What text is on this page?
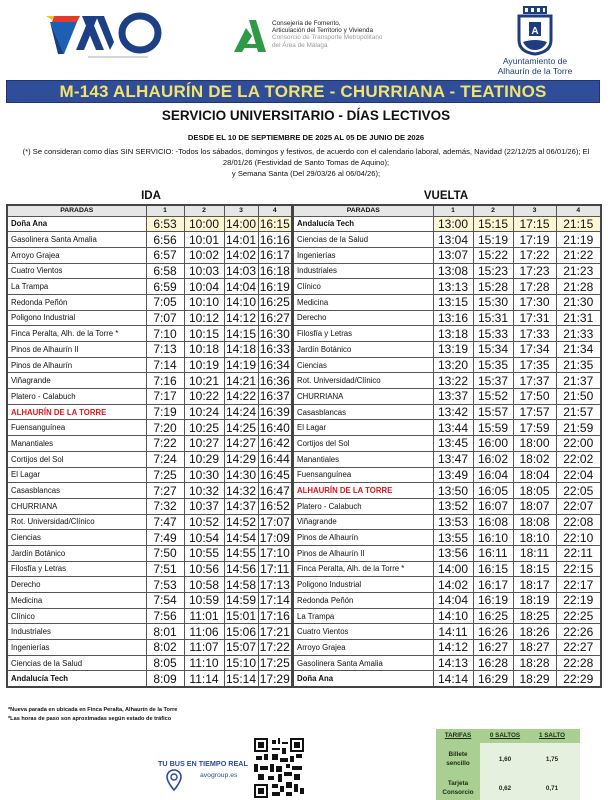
Consejería de Fomento,
Articulación del Territorio y Vivienda
Consorcio de Transporte Metropolitano
del Área de Málaga
A
Ayuntamiento de
Alhaurín de la Torre
M-143 ALHAURÍN DE LA TORRE - CHURRIANA - TEATINOS
SERVICIO UNIVERSITARIO - DÍAS LECTIVOS
DESDE EL 10 DE SEPTIEMBRE DE 2025 AL 05 DE JUNIO DE 2026
(*) Se consideran como días SIN SERVICIO: -Todos los sábados, domingos y festivos, de acuerdo con el calendario laboral, además, Navidad (22/12/25 al 06/01/26); El
28/01/26 (Festividad de Santo Tomas de Aquino);
y Semana Santa (Del 29/03/26 al 06/04/26);
IDA
PARADAS	1	2	3	4
Doña Ana	6:53	10:00	14:00	16:15
Gasolinera Santa Amalia	6:56	10:01	14:01	16:16
Arroyo Grajea	6:57	10:02	14:02	16:17
Cuatro Vientos	6:58	10:03	14:03	16:18
La Trampa	6:59	10:04	14:04	16:19
Redonda Peñón	7:05	10:10	14:10	16:25
Poligono Industrial	7:07	10:12	14:12	16:27
Finca Peralta, Alh. de la Torre *	7:10	10:15	14:15	16:30
Pinos de Alhaurín II	7:13	10:18	14:18	16:33
Pinos de Alhaurín	7:14	10:19	14:19	16:34
Viñagrande	7:16	10:21	14:21	16:36
Platero - Calabuch	7:17	10:22	14:22	16:37
ALHAURÍN DE LA TORRE	7:19	10:24	14:24	16:39
Fuensanguínea	7:20	10:25	14:25	16:40
Manantiales	7:22	10:27	14:27	16:42
Cortijos del Sol	7:24	10:29	14:29	16:44
El Lagar	7:25	10:30	14:30	16:45
Casasblancas	7:27	10:32	14:32	16:47
CHURRIANA	7:32	10:37	14:37	16:52
Rot. Universidad/Clínico	7:47	10:52	14:52	17:07
Ciencias	7:49	10:54	14:54	17:09
Jardín Botánico	7:50	10:55	14:55	17:10
Filosfía y Letras	7:51	10:56	14:56	17:11
Derecho	7:53	10:58	14:58	17:13
Medicina	7:54	10:59	14:59	17:14
Clínico	7:56	11:01	15:01	17:16
Industriales	8:01	11:06	15:06	17:21
Ingenierías	8:02	11:07	15:07	17:22
Ciencias de la Salud	8:05	11:10	15:10	17:25
Andalucía Tech	8:09	11:14	15:14	17:29
VUELTA
PARADAS	1	2	3	4
Andalucía Tech	13:00	15:15	17:15	21:15
Ciencias de la Salud	13:04	15:19	17:19	21:19
Ingenierías	13:07	15:22	17:22	21:22
Industriales	13:08	15:23	17:23	21:23
Clínico	13:13	15:28	17:28	21:28
Medicina	13:15	15:30	17:30	21:30
Derecho	13:16	15:31	17:31	21:31
Filosfía y Letras	13:18	15:33	17:33	21:33
Jardín Botánico	13:19	15:34	17:34	21:34
Ciencias	13:20	15:35	17:35	21:35
Rot. Universidad/Clínico	13:22	15:37	17:37	21:37
CHURRIANA	13:37	15:52	17:50	21:50
Casasblancas	13:42	15:57	17:57	21:57
El Lagar	13:44	15:59	17:59	21:59
Cortijos del Sol	13:45	16:00	18:00	22:00
Manantiales	13:47	16:02	18:02	22:02
Fuensanguínea	13:49	16:04	18:04	22:04
ALHAURÍN DE LA TORRE	13:50	16:05	18:05	22:05
Platero - Calabuch	13:52	16:07	18:07	22:07
Viñagrande	13:53	16:08	18:08	22:08
Pinos de Alhaurín	13:55	16:10	18:10	22:10
Pinos de Alhaurín II	13:56	16:11	18:11	22:11
Finca Peralta, Alh. de la Torre *	14:00	16:15	18:15	22:15
Poligono Industrial	14:02	16:17	18:17	22:17
Redonda Peñón	14:04	16:19	18:19	22:19
La Trampa	14:10	16:25	18:25	22:25
Cuatro Vientos	14:11	16:26	18:26	22:26
Arroyo Grajea	14:12	16:27	18:27	22:27
Gasolinera Santa Amalia	14:13	16:28	18:28	22:28
Doña Ana	14:14	16:29	18:29	22:29
*Nueva parada en ubicada en Finca Peralta, Alhaurín de la Torre
*Las horas de paso son aproximadas según estado de tráfico
TU BUS EN TIEMPO REAL
avogroup.es
TARIFAS	0 SALTOS	1 SALTO
Billete
sencillo
1,60	1,75
Tarjeta
Consorcio
0,62	0,71
